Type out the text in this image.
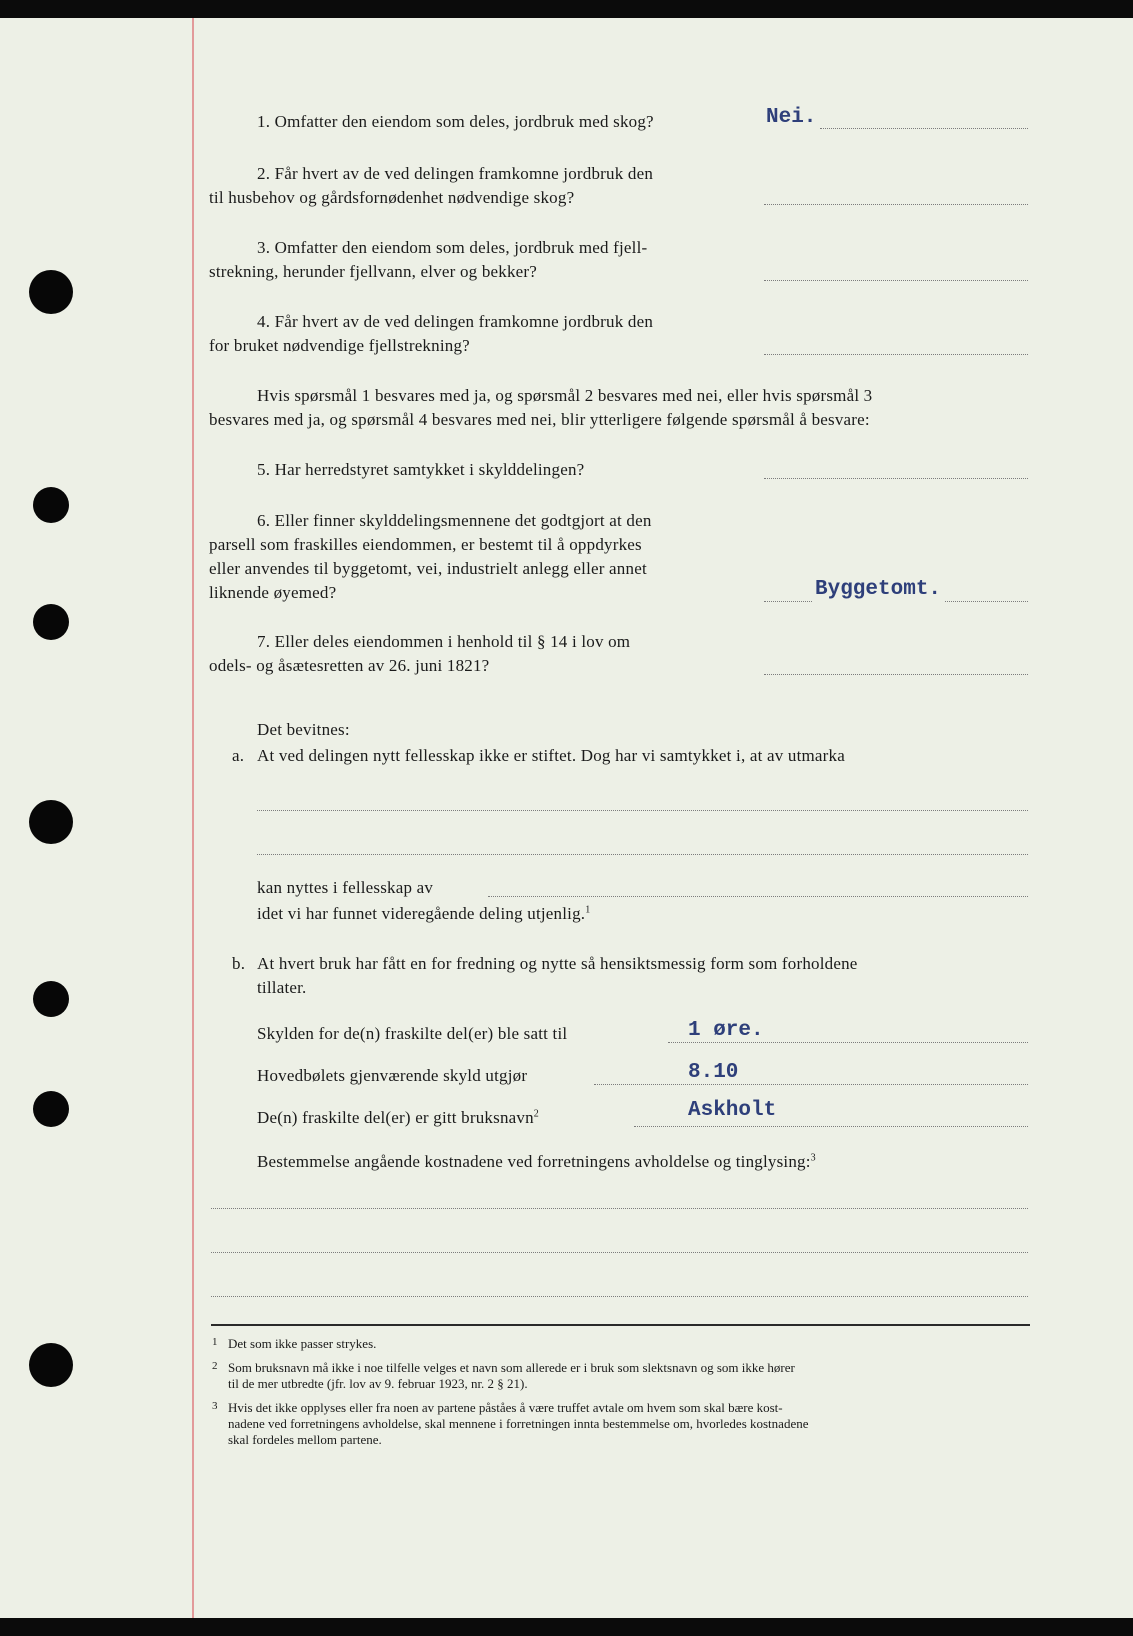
1. Omfatter den eiendom som deles, jordbruk med skog?	Nei.
2. Får hvert av de ved delingen framkomne jordbruk den
til husbehov og gårdsfornødenhet nødvendige skog?
3. Omfatter den eiendom som deles, jordbruk med fjell-
strekning, herunder fjellvann, elver og bekker?
4. Får hvert av de ved delingen framkomne jordbruk den
for bruket nødvendige fjellstrekning?
Hvis spørsmål 1 besvares med ja, og spørsmål 2 besvares med nei, eller hvis spørsmål 3
besvares med ja, og spørsmål 4 besvares med nei, blir ytterligere følgende spørsmål å besvare:
5. Har herredstyret samtykket i skylddelingen?
6. Eller finner skylddelingsmennene det godtgjort at den
parsell som fraskilles eiendommen, er bestemt til å oppdyrkes
eller anvendes til byggetomt, vei, industrielt anlegg eller annet
liknende øyemed?	Byggetomt.
7. Eller deles eiendommen i henhold til § 14 i lov om
odels- og åsætesretten av 26. juni 1821?
Det bevitnes:
a. At ved delingen nytt fellesskap ikke er stiftet. Dog har vi samtykket i, at av utmarka
kan nyttes i fellesskap av
idet vi har funnet videregående deling utjenlig.$^1$
b. At hvert bruk har fått en for fredning og nytte så hensiktsmessig form som forholdene
tillater.
Skylden for de(n) fraskilte del(er) ble satt til	1 øre.
Hovedbølets gjenværende skyld utgjør	8.10
De(n) fraskilte del(er) er gitt bruksnavn$^2$	Askholt
Bestemmelse angående kostnadene ved forretningens avholdelse og tinglysing:$^3$
1 Det som ikke passer strykes.
2 Som bruksnavn må ikke i noe tilfelle velges et navn som allerede er i bruk som slektsnavn og som ikke hører
til de mer utbredte (jfr. lov av 9. februar 1923, nr. 2 § 21).
3 Hvis det ikke opplyses eller fra noen av partene påståes å være truffet avtale om hvem som skal bære kost-
nadene ved forretningens avholdelse, skal mennene i forretningen innta bestemmelse om, hvorledes kostnadene
skal fordeles mellom partene.
